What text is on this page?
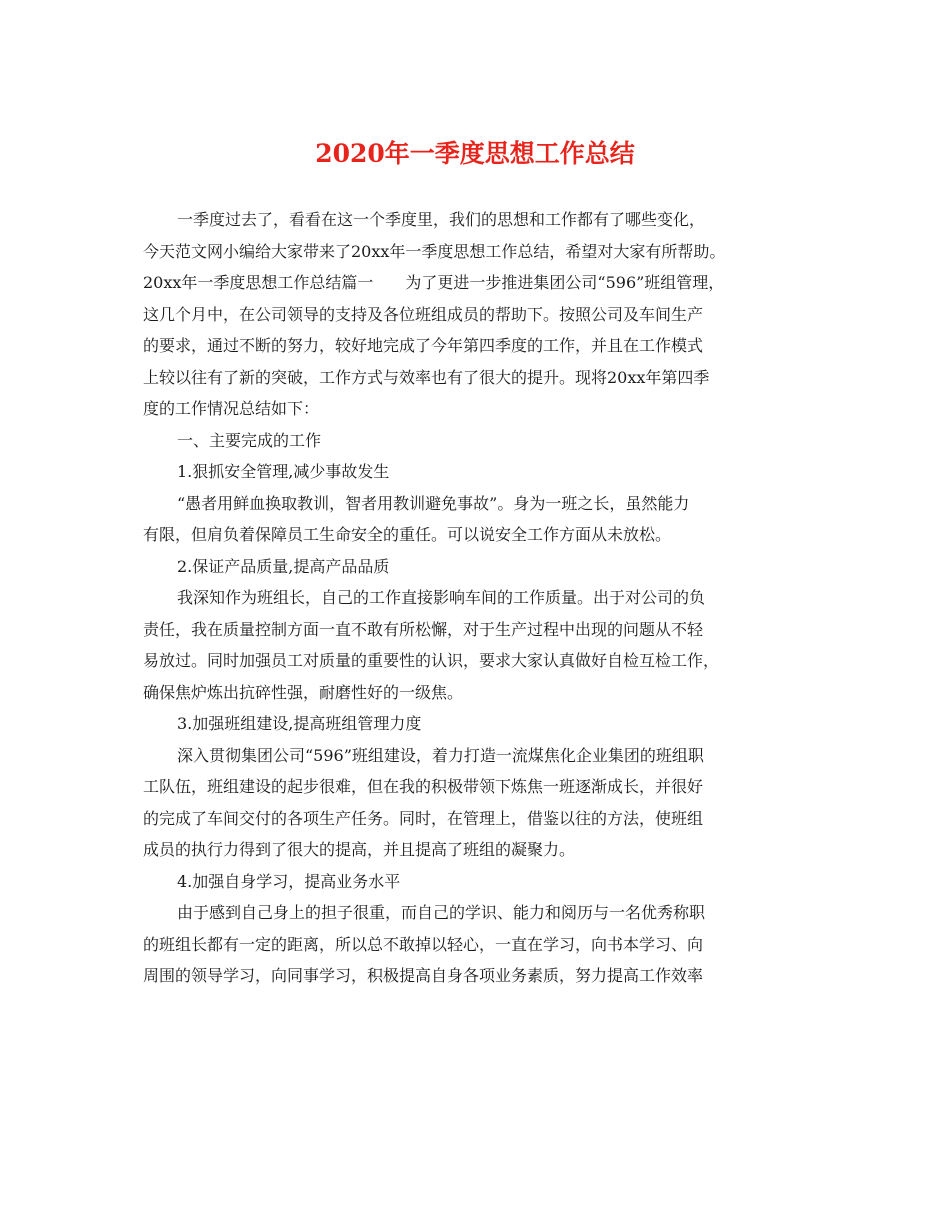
2020年一季度思想工作总结
一季度过去了，看看在这一个季度里，我们的思想和工作都有了哪些变化，
今天范文网小编给大家带来了20xx年一季度思想工作总结，希望对大家有所帮助。
20xx年一季度思想工作总结篇一　　为了更进一步推进集团公司“596”班组管理，
这几个月中，在公司领导的支持及各位班组成员的帮助下。按照公司及车间生产
的要求，通过不断的努力，较好地完成了今年第四季度的工作，并且在工作模式
上较以往有了新的突破，工作方式与效率也有了很大的提升。现将20xx年第四季
度的工作情况总结如下：
一、主要完成的工作
1.狠抓安全管理,减少事故发生
“愚者用鲜血换取教训，智者用教训避免事故”。身为一班之长，虽然能力
有限，但肩负着保障员工生命安全的重任。可以说安全工作方面从未放松。
2.保证产品质量,提高产品品质
我深知作为班组长，自己的工作直接影响车间的工作质量。出于对公司的负
责任，我在质量控制方面一直不敢有所松懈，对于生产过程中出现的问题从不轻
易放过。同时加强员工对质量的重要性的认识，要求大家认真做好自检互检工作，
确保焦炉炼出抗碎性强，耐磨性好的一级焦。
3.加强班组建设,提高班组管理力度
深入贯彻集团公司“596”班组建设，着力打造一流煤焦化企业集团的班组职
工队伍，班组建设的起步很难，但在我的积极带领下炼焦一班逐渐成长，并很好
的完成了车间交付的各项生产任务。同时，在管理上，借鉴以往的方法，使班组
成员的执行力得到了很大的提高，并且提高了班组的凝聚力。
4.加强自身学习，提高业务水平
由于感到自己身上的担子很重，而自己的学识、能力和阅历与一名优秀称职
的班组长都有一定的距离，所以总不敢掉以轻心，一直在学习，向书本学习、向
周围的领导学习，向同事学习，积极提高自身各项业务素质，努力提高工作效率
